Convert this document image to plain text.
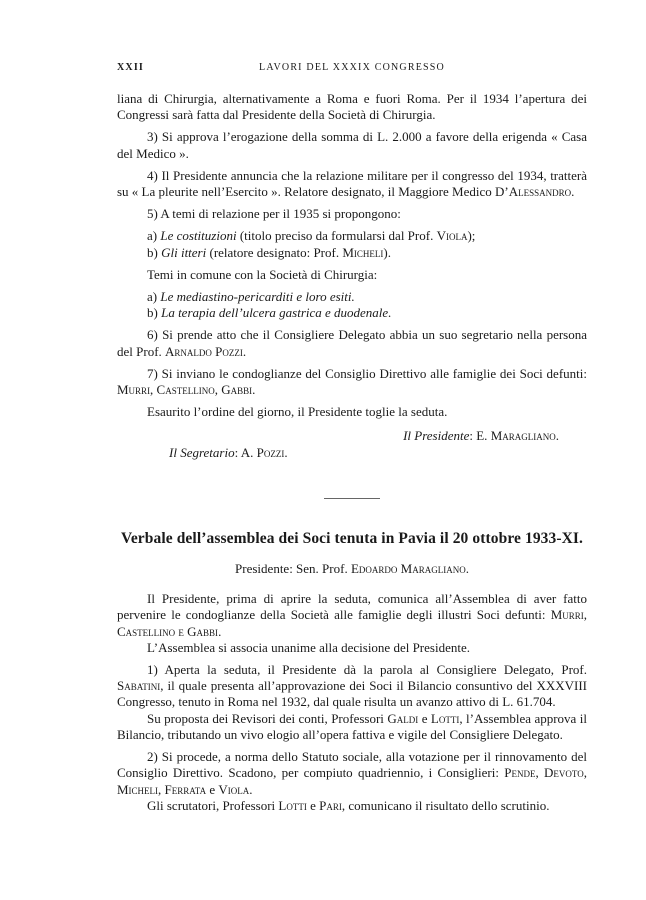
XXII	LAVORI DEL XXXIX CONGRESSO

liana di Chirurgia, alternativamente a Roma e fuori Roma. Per il 1934 l’apertura dei Congressi sarà fatta dal Presidente della Società di Chirurgia.

3) Si approva l’erogazione della somma di L. 2.000 a favore della erigenda « Casa del Medico ».

4) Il Presidente annuncia che la relazione militare per il congresso del 1934, tratterà su « La pleurite nell’Esercito ». Relatore designato, il Maggiore Medico D’Alessandro.

5) A temi di relazione per il 1935 si propongono:

a) Le costituzioni (titolo preciso da formularsi dal Prof. Viola);

b) Gli itteri (relatore designato: Prof. Micheli).

Temi in comune con la Società di Chirurgia:

a) Le mediastino-pericarditi e loro esiti.

b) La terapia dell’ulcera gastrica e duodenale.

6) Si prende atto che il Consigliere Delegato abbia un suo segretario nella persona del Prof. Arnaldo Pozzi.

7) Si inviano le condoglianze del Consiglio Direttivo alle famiglie dei Soci defunti: Murri, Castellino, Gabbi.

Esaurito l’ordine del giorno, il Presidente toglie la seduta.

Il Presidente: E. Maragliano.

Il Segretario: A. Pozzi.

Verbale dell’assemblea dei Soci tenuta in Pavia il 20 ottobre 1933-XI.

Presidente: Sen. Prof. Edoardo Maragliano.

Il Presidente, prima di aprire la seduta, comunica all’Assemblea di aver fatto pervenire le condoglianze della Società alle famiglie degli illustri Soci defunti: Murri, Castellino e Gabbi.

L’Assemblea si associa unanime alla decisione del Presidente.

1) Aperta la seduta, il Presidente dà la parola al Consigliere Delegato, Prof. Sabatini, il quale presenta all’approvazione dei Soci il Bilancio consuntivo del XXXVIII Congresso, tenuto in Roma nel 1932, dal quale risulta un avanzo attivo di L. 61.704.

Su proposta dei Revisori dei conti, Professori Galdi e Lotti, l’Assemblea approva il Bilancio, tributando un vivo elogio all’opera fattiva e vigile del Consigliere Delegato.

2) Si procede, a norma dello Statuto sociale, alla votazione per il rinnovamento del Consiglio Direttivo. Scadono, per compiuto quadriennio, i Consiglieri: Pende, Devoto, Micheli, Ferrata e Viola.

Gli scrutatori, Professori Lotti e Pari, comunicano il risultato dello scrutinio.
